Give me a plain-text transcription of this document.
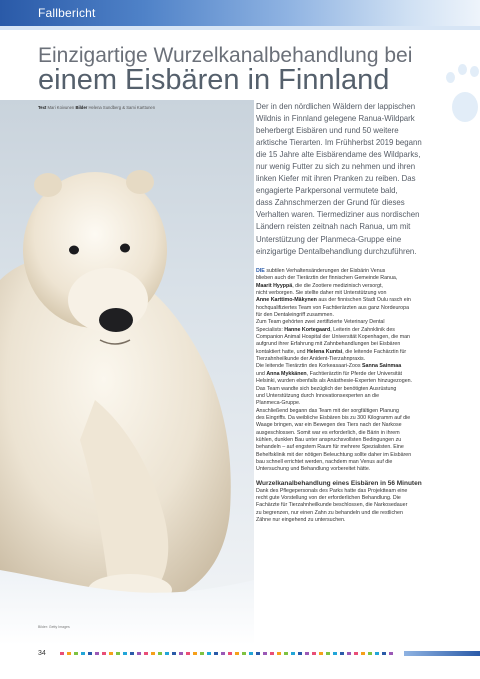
Fallbericht
Bilder: Getty Images
Einzigartige Wurzelkanalbehandlung bei
einem Eisbären in Finnland
Text Mari Koivunen Bilder Helena Sundberg & Sami Karttunen	Der in den nördlichen Wäldern der lappischen
Wildnis in Finnland gelegene Ranua-Wildpark
beherbergt Eisbären und rund 50 weitere
arktische Tierarten. Im Frühherbst 2019 begann
die 15 Jahre alte Eisbärendame des Wildparks,
nur wenig Futter zu sich zu nehmen und ihren
linken Kiefer mit ihren Pranken zu reiben. Das
engagierte Parkpersonal vermutete bald,
dass Zahnschmerzen der Grund für dieses
Verhalten waren. Tiermediziner aus nordischen
Ländern reisten zeitnah nach Ranua, um mit
Unterstützung der Planmeca-Gruppe eine
einzigartige Dentalbehandlung durchzuführen.
DIE subtilen Verhaltensänderungen der Eisbärin Venus
blieben auch der Tierärztin der finnischen Gemeinde Ranua,
Maarit Hyyppä, die die Zootiere medizinisch versorgt,
nicht verborgen. Sie stellte daher mit Unterstützung von
Anne Karttimo-Mäkynen aus der finnischen Stadt Oulu rasch ein
hochqualifiziertes Team von Fachtierärzten aus ganz Nordeuropa
für den Dentaleingriff zusammen.
Zum Team gehörten zwei zertifizierte Veterinary Dental
Specialists: Hanne Kortegaard, Leiterin der Zahnklinik des
Companion Animal Hospital der Universität Kopenhagen, die man
aufgrund ihrer Erfahrung mit Zahnbehandlungen bei Eisbären
kontaktiert hatte, und Helena Kuntsi, die leitende Fachärztin für
Tierzahnheilkunde der Anident-Tierzahnpraxis.
Die leitende Tierärztin des Korkeasaari-Zoos Sanna Sainmaa
und Anna Mykkänen, Fachtierärztin für Pferde der Universität
Helsinki, wurden ebenfalls als Anästhesie-Experten hinzugezogen.
Das Team wandte sich bezüglich der benötigten Ausrüstung
und Unterstützung durch Innovationsexperten an die
Planmeca-Gruppe.
Anschließend begann das Team mit der sorgfältigen Planung
des Eingriffs. Da weibliche Eisbären bis zu 300 Kilogramm auf die
Waage bringen, war ein Bewegen des Tiers nach der Narkose
ausgeschlossen. Somit war es erforderlich, die Bärin in ihrem
kühlen, dunklen Bau unter anspruchsvollsten Bedingungen zu
behandeln – auf engstem Raum für mehrere Spezialisten. Eine
Behelfsklinik mit der nötigen Beleuchtung sollte daher im Eisbären
bau schnell errichtet werden, nachdem man Venus auf die
Untersuchung und Behandlung vorbereitet hätte.
Wurzelkanalbehandlung eines Eisbären in 56 Minuten
Dank des Pflegepersonals des Parks hatte das Projektteam eine
recht gute Vorstellung von der erforderlichen Behandlung. Die
Fachärzte für Tierzahnheilkunde beschlossen, die Narkosedauer
zu begrenzen, nur einen Zahn zu behandeln und die restlichen
Zähne nur eingehend zu untersuchen.
34
